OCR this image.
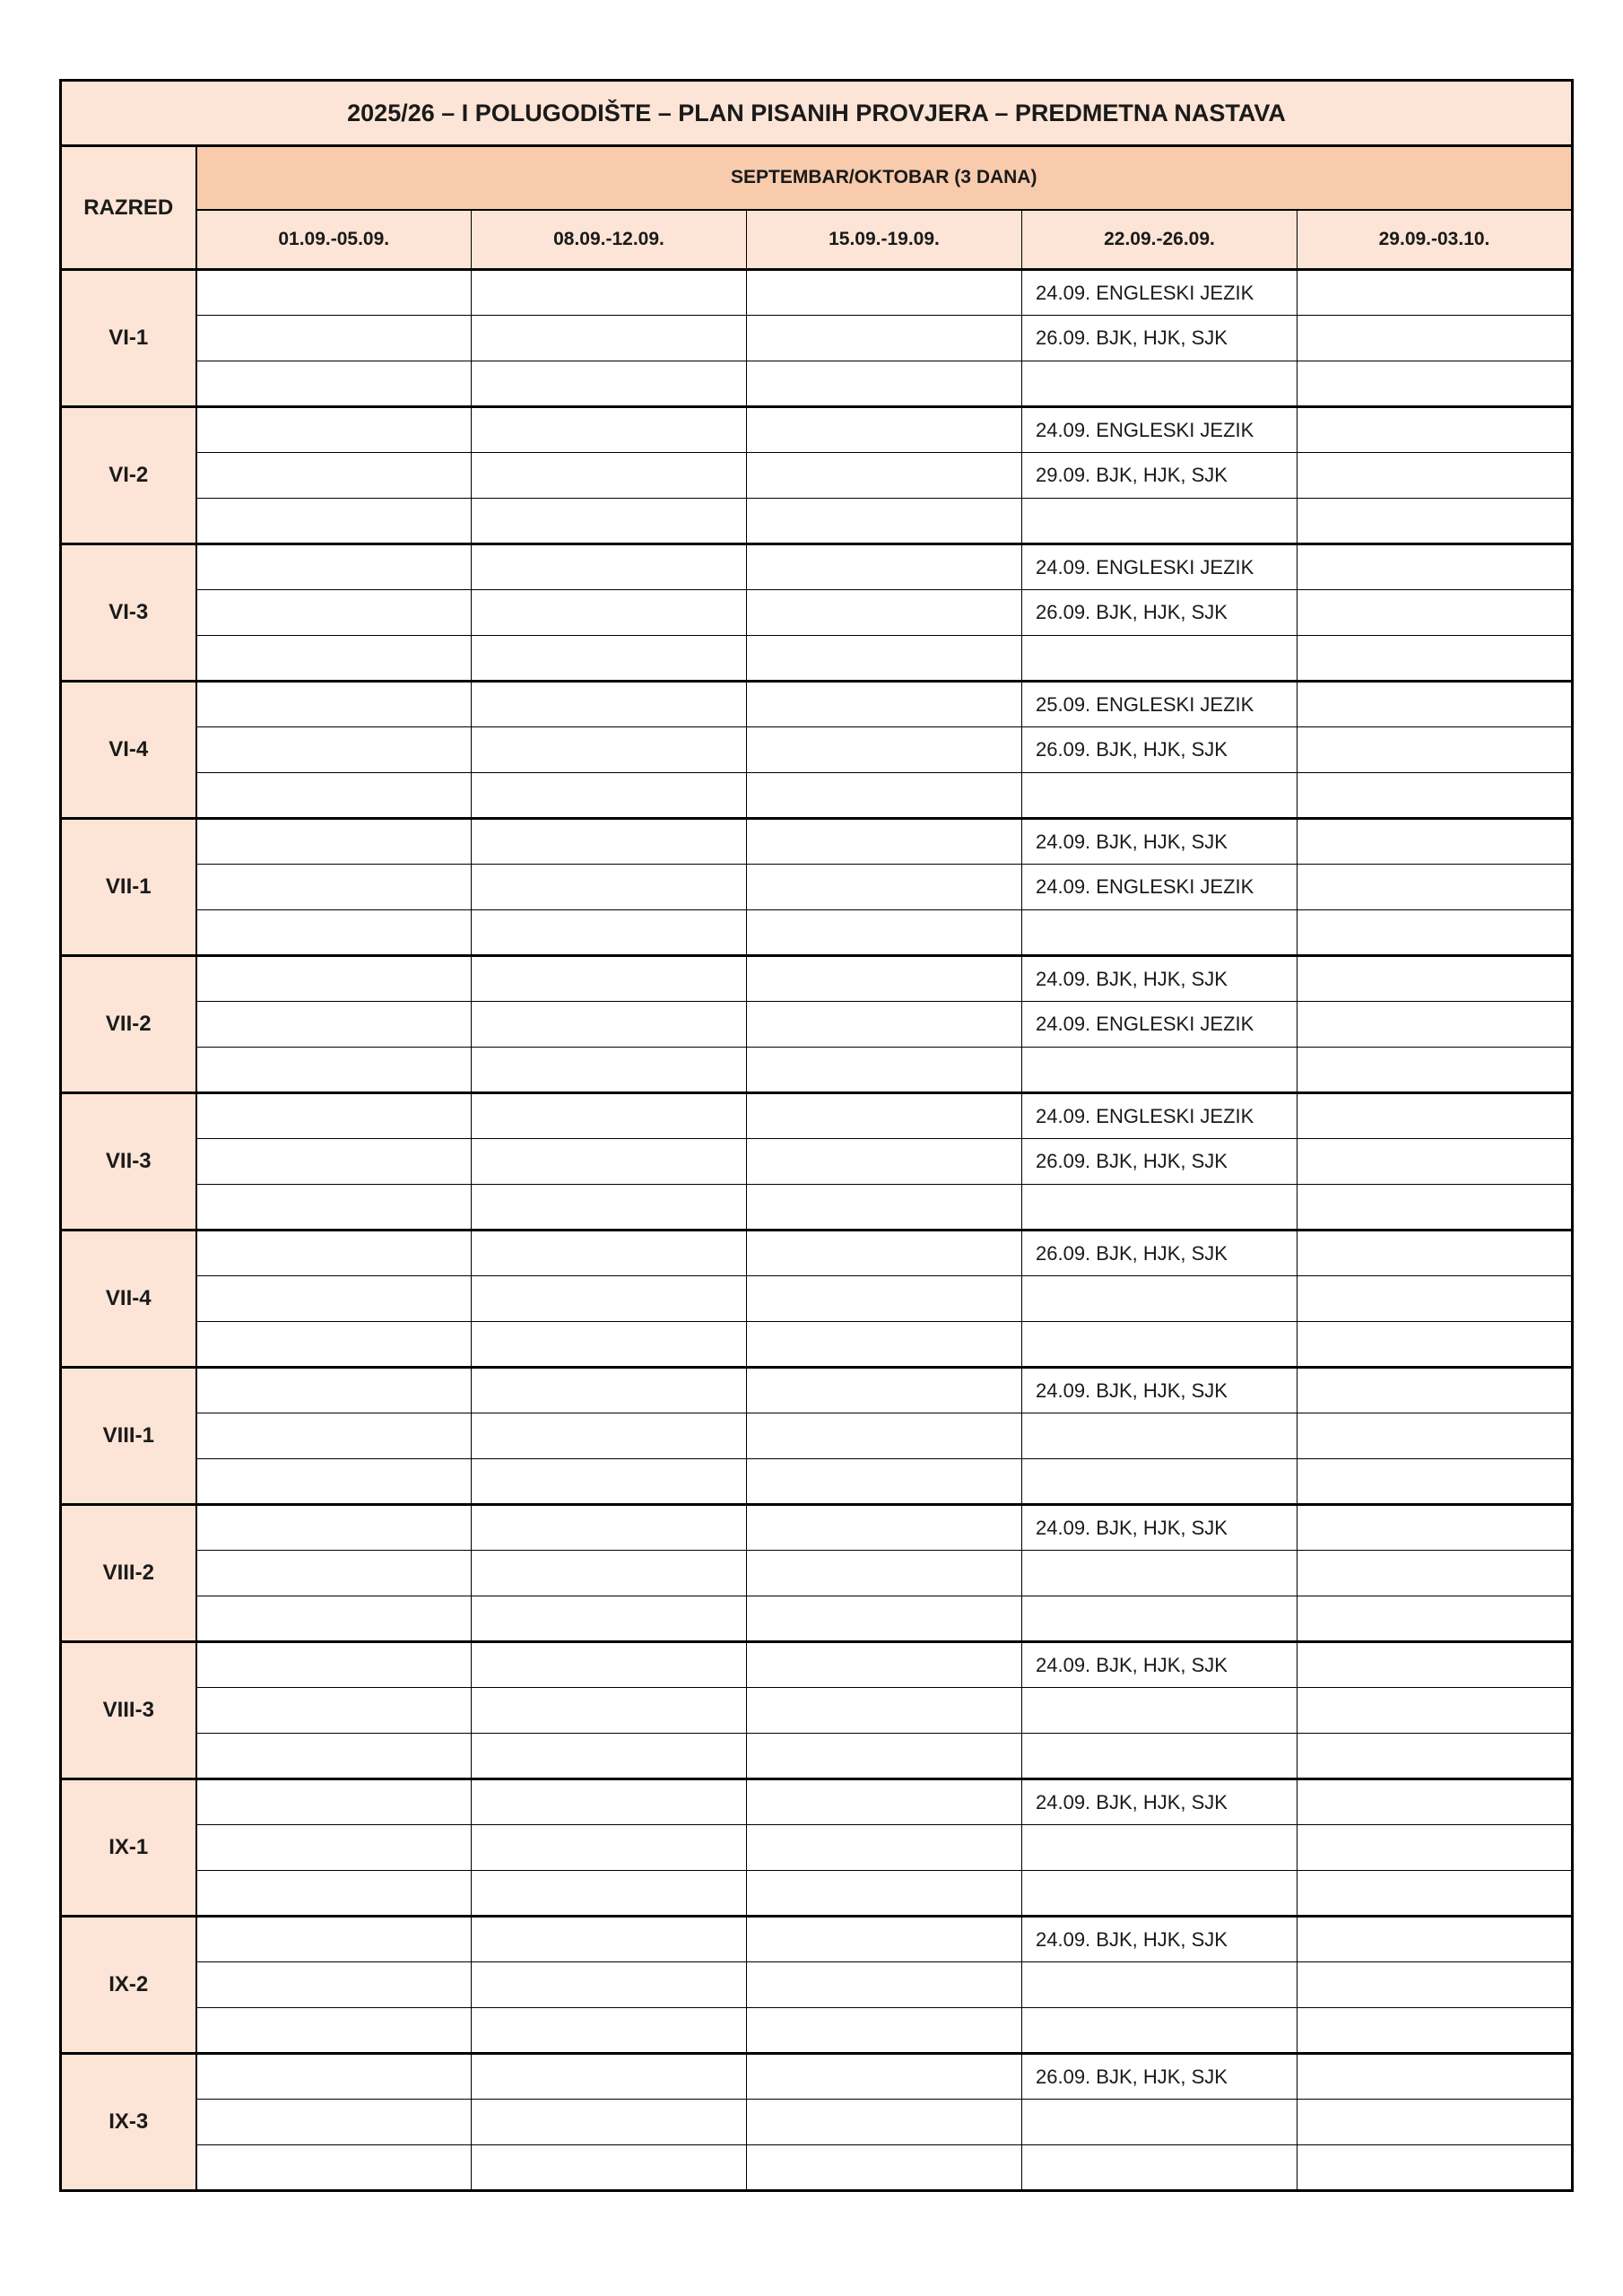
2025/26 – I POLUGODIŠTE – PLAN PISANIH PROVJERA – PREDMETNA NASTAVA					
RAZRED	SEPTEMBAR/OKTOBAR (3 DANA)				
	01.09.-05.09.	08.09.-12.09.	15.09.-19.09.	22.09.-26.09.	29.09.-03.10.
VI-1				24.09. ENGLESKI JEZIK	
				26.09. BJK, HJK, SJK	

VI-2				24.09. ENGLESKI JEZIK	
				29.09. BJK, HJK, SJK	

VI-3				24.09. ENGLESKI JEZIK	
				26.09. BJK, HJK, SJK	

VI-4				25.09. ENGLESKI JEZIK	
				26.09. BJK, HJK, SJK	

VII-1				24.09. BJK, HJK, SJK	
				24.09. ENGLESKI JEZIK	

VII-2				24.09. BJK, HJK, SJK	
				24.09. ENGLESKI JEZIK	

VII-3				24.09. ENGLESKI JEZIK	
				26.09. BJK, HJK, SJK	

VII-4				26.09. BJK, HJK, SJK	

VIII-1				24.09. BJK, HJK, SJK	

VIII-2				24.09. BJK, HJK, SJK	

VIII-3				24.09. BJK, HJK, SJK	

IX-1				24.09. BJK, HJK, SJK	

IX-2				24.09. BJK, HJK, SJK	

IX-3				26.09. BJK, HJK, SJK	
